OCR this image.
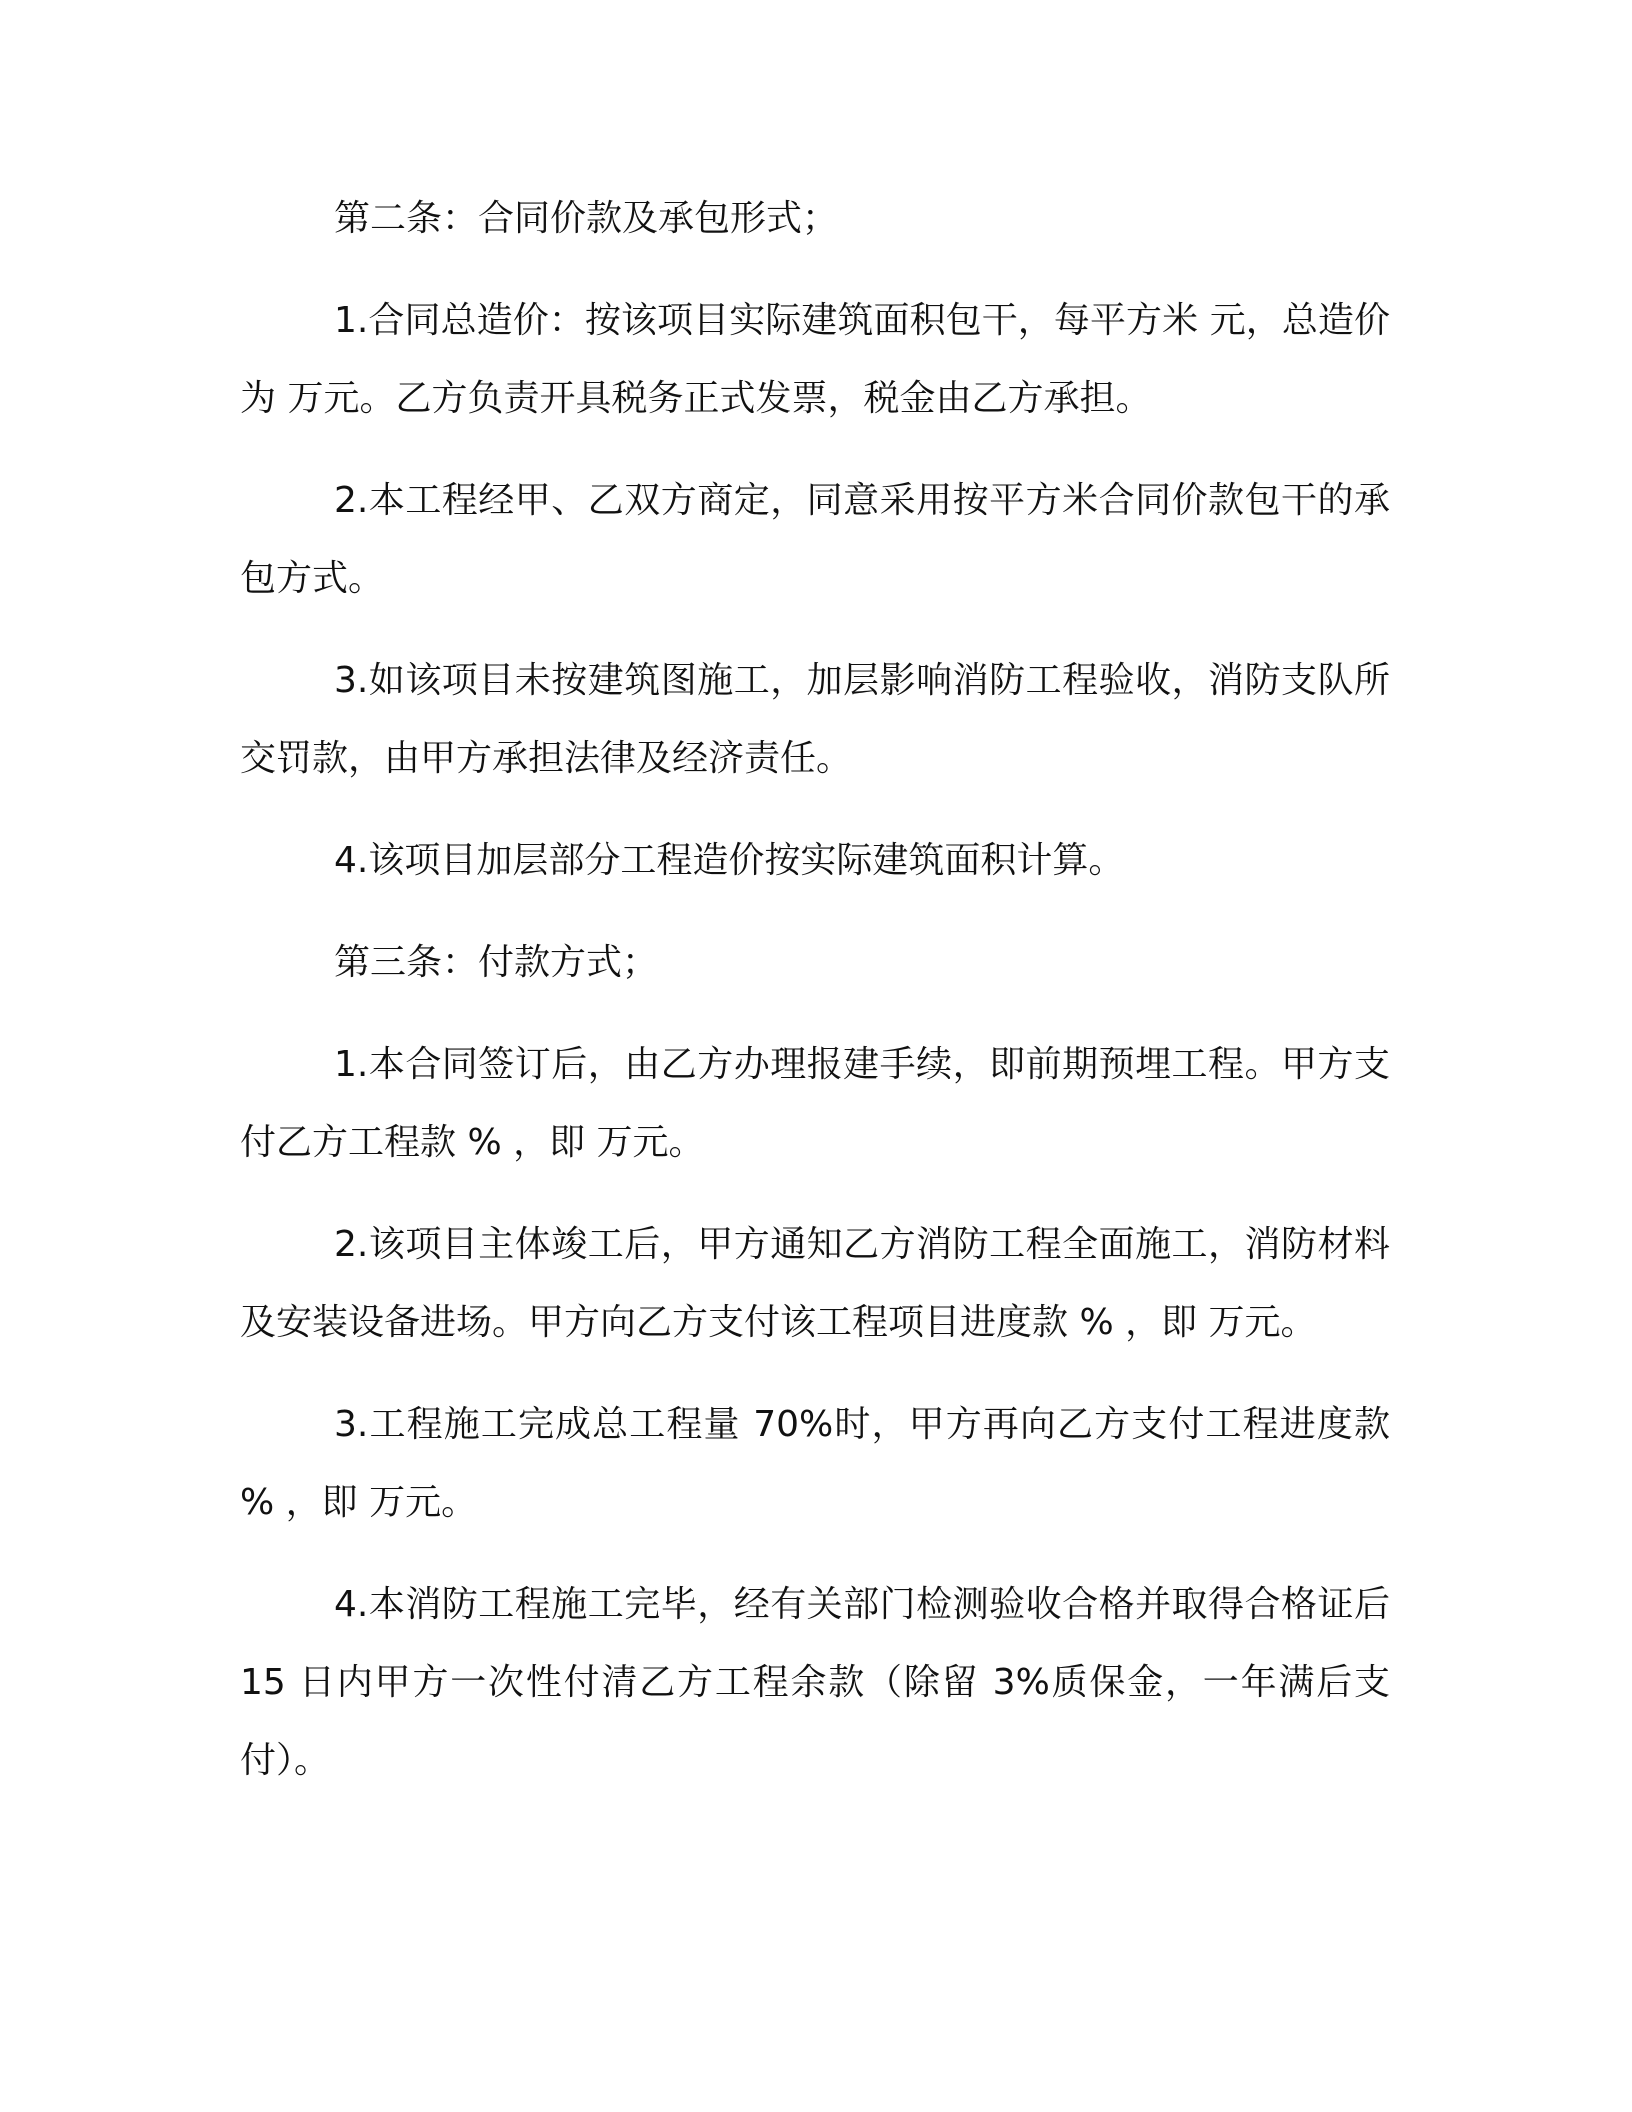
第二条：合同价款及承包形式；

1.合同总造价：按该项目实际建筑面积包干，每平方米 元，总造价为 万元。乙方负责开具税务正式发票，税金由乙方承担。

2.本工程经甲、乙双方商定，同意采用按平方米合同价款包干的承包方式。

3.如该项目未按建筑图施工，加层影响消防工程验收，消防支队所交罚款，由甲方承担法律及经济责任。

4.该项目加层部分工程造价按实际建筑面积计算。

第三条：付款方式；

1.本合同签订后，由乙方办理报建手续，即前期预埋工程。甲方支付乙方工程款 % ，即 万元。

2.该项目主体竣工后，甲方通知乙方消防工程全面施工，消防材料及安装设备进场。甲方向乙方支付该工程项目进度款 % ，即 万元。

3.工程施工完成总工程量 70%时，甲方再向乙方支付工程进度款 % ，即 万元。

4.本消防工程施工完毕，经有关部门检测验收合格并取得合格证后 15 日内甲方一次性付清乙方工程余款（除留 3%质保金，一年满后支付）。
